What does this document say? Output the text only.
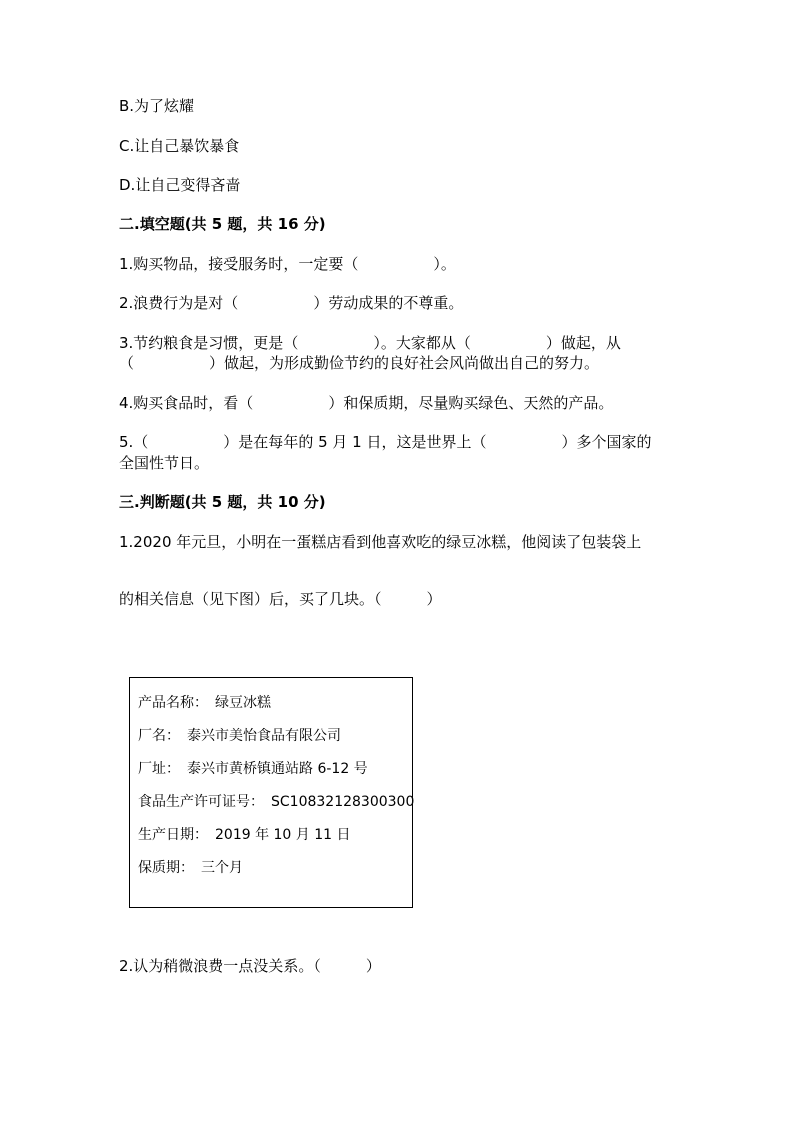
B.为了炫耀
C.让自己暴饮暴食
D.让自己变得吝啬
二.填空题(共 5 题，共 16 分)
1.购买物品，接受服务时，一定要（　　　　　）。
2.浪费行为是对（　　　　　）劳动成果的不尊重。
3.节约粮食是习惯，更是（　　　　　）。大家都从（　　　　　）做起，从
（　　　　　）做起，为形成勤俭节约的良好社会风尚做出自己的努力。
4.购买食品时，看（　　　　　）和保质期，尽量购买绿色、天然的产品。
5.（　　　　　）是在每年的 5 月 1 日，这是世界上（　　　　　）多个国家的
全国性节日。
三.判断题(共 5 题，共 10 分)
1.2020 年元旦，小明在一蛋糕店看到他喜欢吃的绿豆冰糕，他阅读了包装袋上
的相关信息（见下图）后，买了几块。（　　　）
产品名称：　绿豆冰糕
厂名：　泰兴市美怡食品有限公司
厂址：　泰兴市黄桥镇通站路 6-12 号
食品生产许可证号：　SC10832128300300
生产日期：　2019 年 10 月 11 日
保质期：　三个月
2.认为稍微浪费一点没关系。（　　　）
